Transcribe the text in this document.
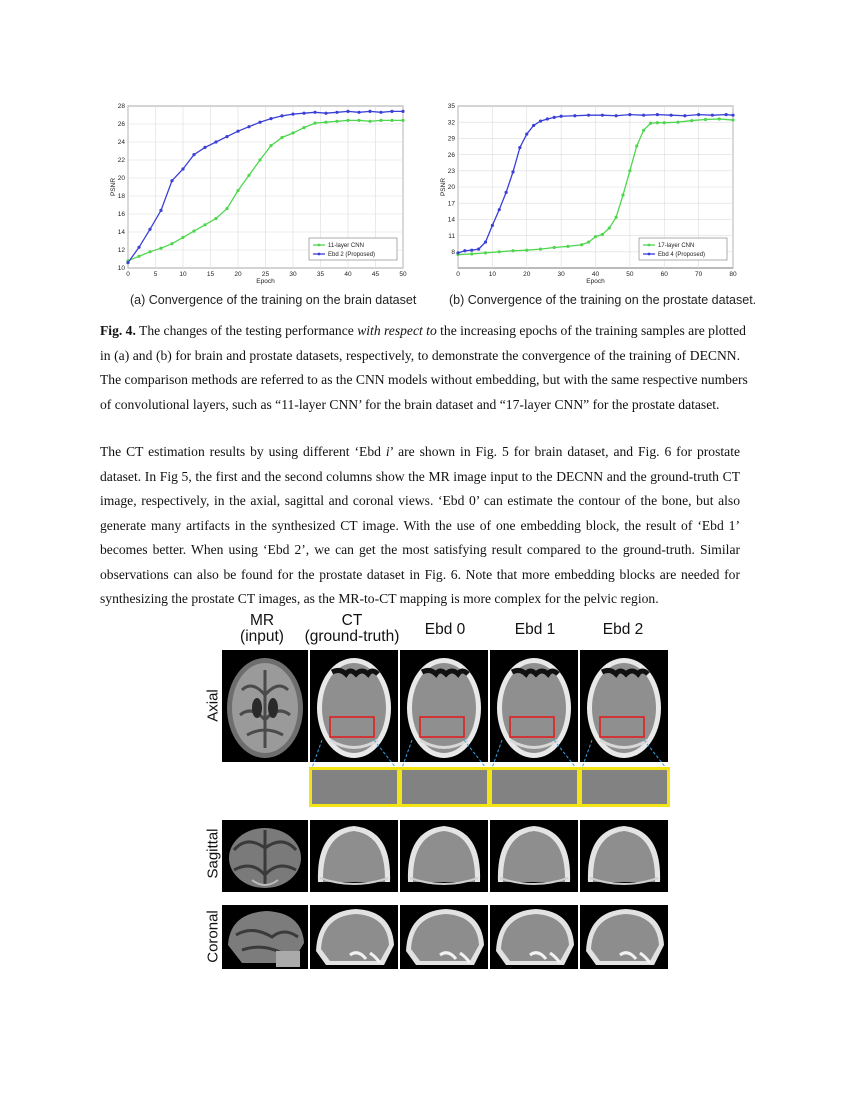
0	5	10	15	20	25	30	35	40	45	50
10
12
14
16
18
20
22
24
26
28
Epoch
PSNR
11-layer CNN
Ebd 2 (Proposed)
0	10	20	30	40	50	60	70	80
8
11
14
17
20
23
26
29
32
35
Epoch
PSNR
17-layer CNN
Ebd 4 (Proposed)
(a) Convergence of the training on the brain dataset	(b) Convergence of the training on the prostate dataset.
Fig. 4. The changes of the testing performance with respect to the increasing epochs of the training samples are plotted
in (a) and (b) for brain and prostate datasets, respectively, to demonstrate the convergence of the training of DECNN.
The comparison methods are referred to as the CNN models without embedding, but with the same respective numbers
of convolutional layers, such as “11-layer CNN’ for the brain dataset and “17-layer CNN” for the prostate dataset.
The CT estimation results by using different ‘Ebd i’ are shown in Fig. 5 for brain dataset, and Fig. 6 for prostate
dataset. In Fig 5, the first and the second columns show the MR image input to the DECNN and the ground-truth CT
image, respectively, in the axial, sagittal and coronal views. ‘Ebd 0’ can estimate the contour of the bone, but also
generate many artifacts in the synthesized CT image. With the use of one embedding block, the result of ‘Ebd 1’
becomes better. When using ‘Ebd 2’, we can get the most satisfying result compared to the ground-truth. Similar
observations can also be found for the prostate dataset in Fig. 6. Note that more embedding blocks are needed for
synthesizing the prostate CT images, as the MR-to-CT mapping is more complex for the pelvic region.
MR
(input)
CT
(ground-truth)	Ebd 0	Ebd 1	Ebd 2
Axial
Sagittal
Coronal
